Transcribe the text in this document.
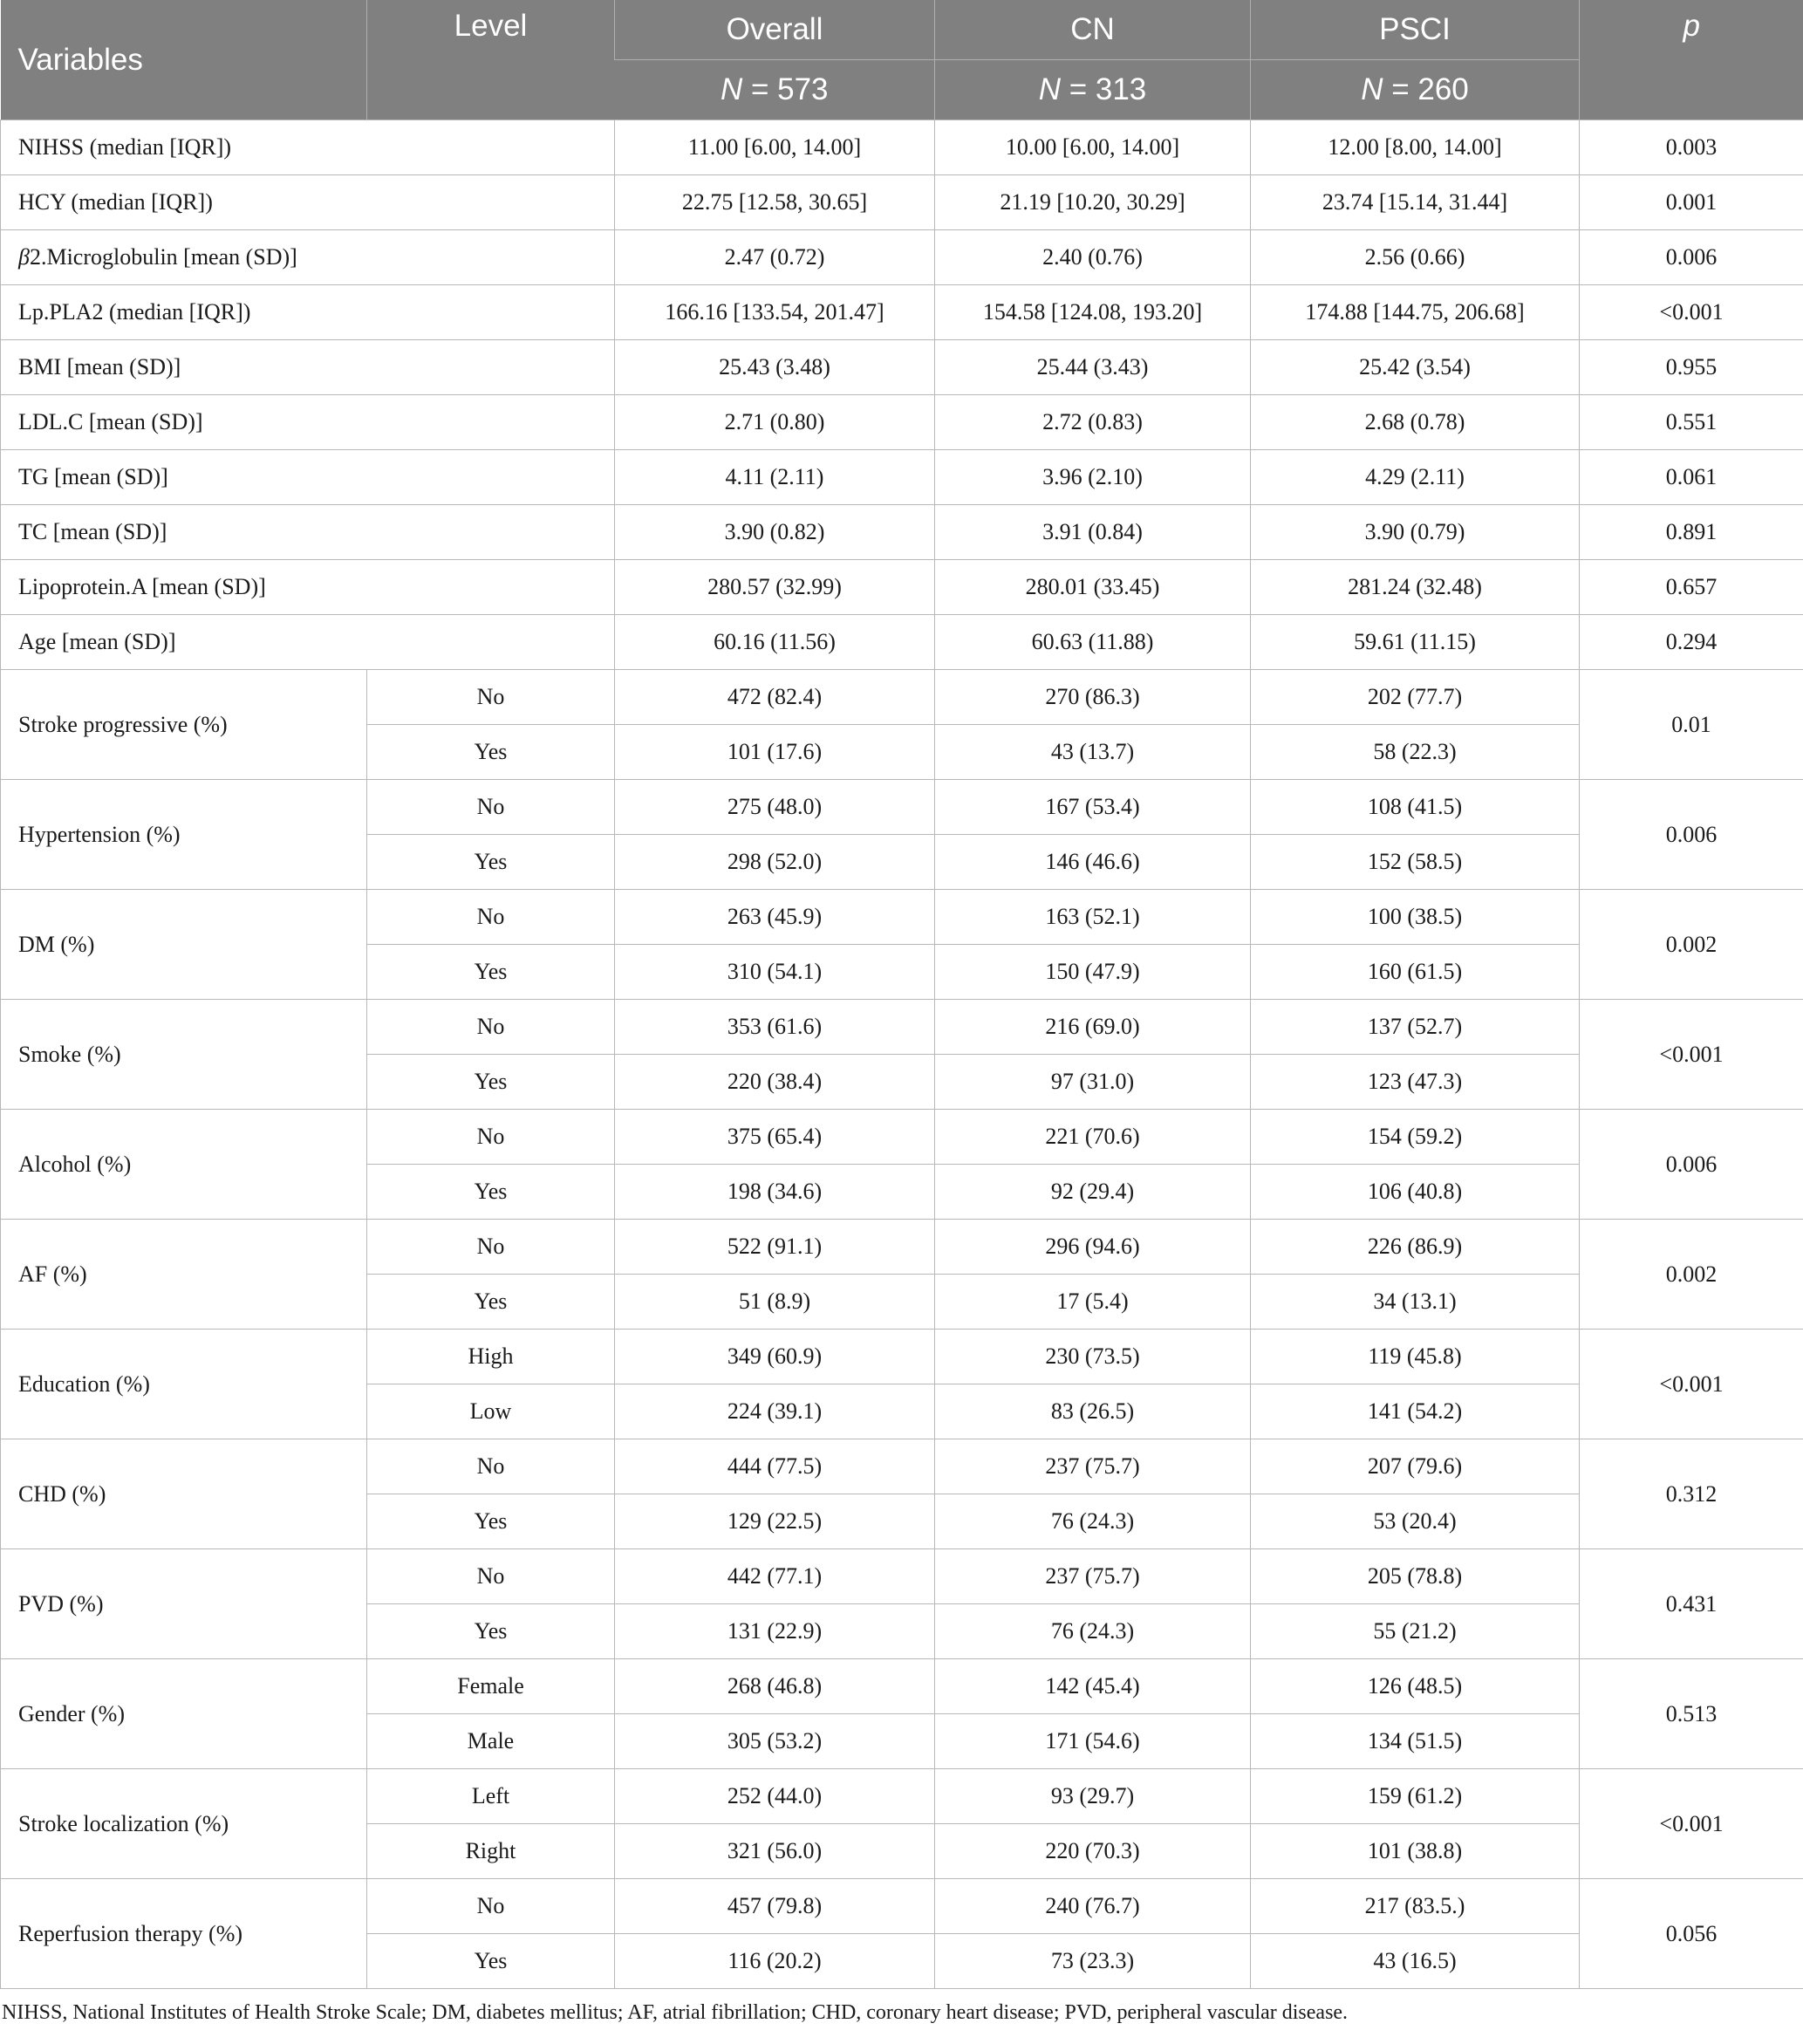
Variables	Level	Overall	CN	PSCI	p
		N = 573	N = 313	N = 260	
NIHSS (median [IQR])		11.00 [6.00, 14.00]	10.00 [6.00, 14.00]	12.00 [8.00, 14.00]	0.003
HCY (median [IQR])		22.75 [12.58, 30.65]	21.19 [10.20, 30.29]	23.74 [15.14, 31.44]	0.001
β2.Microglobulin [mean (SD)]		2.47 (0.72)	2.40 (0.76)	2.56 (0.66)	0.006
Lp.PLA2 (median [IQR])		166.16 [133.54, 201.47]	154.58 [124.08, 193.20]	174.88 [144.75, 206.68]	<0.001
BMI [mean (SD)]		25.43 (3.48)	25.44 (3.43)	25.42 (3.54)	0.955
LDL.C [mean (SD)]		2.71 (0.80)	2.72 (0.83)	2.68 (0.78)	0.551
TG [mean (SD)]		4.11 (2.11)	3.96 (2.10)	4.29 (2.11)	0.061
TC [mean (SD)]		3.90 (0.82)	3.91 (0.84)	3.90 (0.79)	0.891
Lipoprotein.A [mean (SD)]		280.57 (32.99)	280.01 (33.45)	281.24 (32.48)	0.657
Age [mean (SD)]		60.16 (11.56)	60.63 (11.88)	59.61 (11.15)	0.294
Stroke progressive (%)	No	472 (82.4)	270 (86.3)	202 (77.7)	0.01
	Yes	101 (17.6)	43 (13.7)	58 (22.3)	
Hypertension (%)	No	275 (48.0)	167 (53.4)	108 (41.5)	0.006
	Yes	298 (52.0)	146 (46.6)	152 (58.5)	
DM (%)	No	263 (45.9)	163 (52.1)	100 (38.5)	0.002
	Yes	310 (54.1)	150 (47.9)	160 (61.5)	
Smoke (%)	No	353 (61.6)	216 (69.0)	137 (52.7)	<0.001
	Yes	220 (38.4)	97 (31.0)	123 (47.3)	
Alcohol (%)	No	375 (65.4)	221 (70.6)	154 (59.2)	0.006
	Yes	198 (34.6)	92 (29.4)	106 (40.8)	
AF (%)	No	522 (91.1)	296 (94.6)	226 (86.9)	0.002
	Yes	51 (8.9)	17 (5.4)	34 (13.1)	
Education (%)	High	349 (60.9)	230 (73.5)	119 (45.8)	<0.001
	Low	224 (39.1)	83 (26.5)	141 (54.2)	
CHD (%)	No	444 (77.5)	237 (75.7)	207 (79.6)	0.312
	Yes	129 (22.5)	76 (24.3)	53 (20.4)	
PVD (%)	No	442 (77.1)	237 (75.7)	205 (78.8)	0.431
	Yes	131 (22.9)	76 (24.3)	55 (21.2)	
Gender (%)	Female	268 (46.8)	142 (45.4)	126 (48.5)	0.513
	Male	305 (53.2)	171 (54.6)	134 (51.5)	
Stroke localization (%)	Left	252 (44.0)	93 (29.7)	159 (61.2)	<0.001
	Right	321 (56.0)	220 (70.3)	101 (38.8)	
Reperfusion therapy (%)	No	457 (79.8)	240 (76.7)	217 (83.5.)	0.056
	Yes	116 (20.2)	73 (23.3)	43 (16.5)	
NIHSS, National Institutes of Health Stroke Scale; DM, diabetes mellitus; AF, atrial fibrillation; CHD, coronary heart disease; PVD, peripheral vascular disease.
